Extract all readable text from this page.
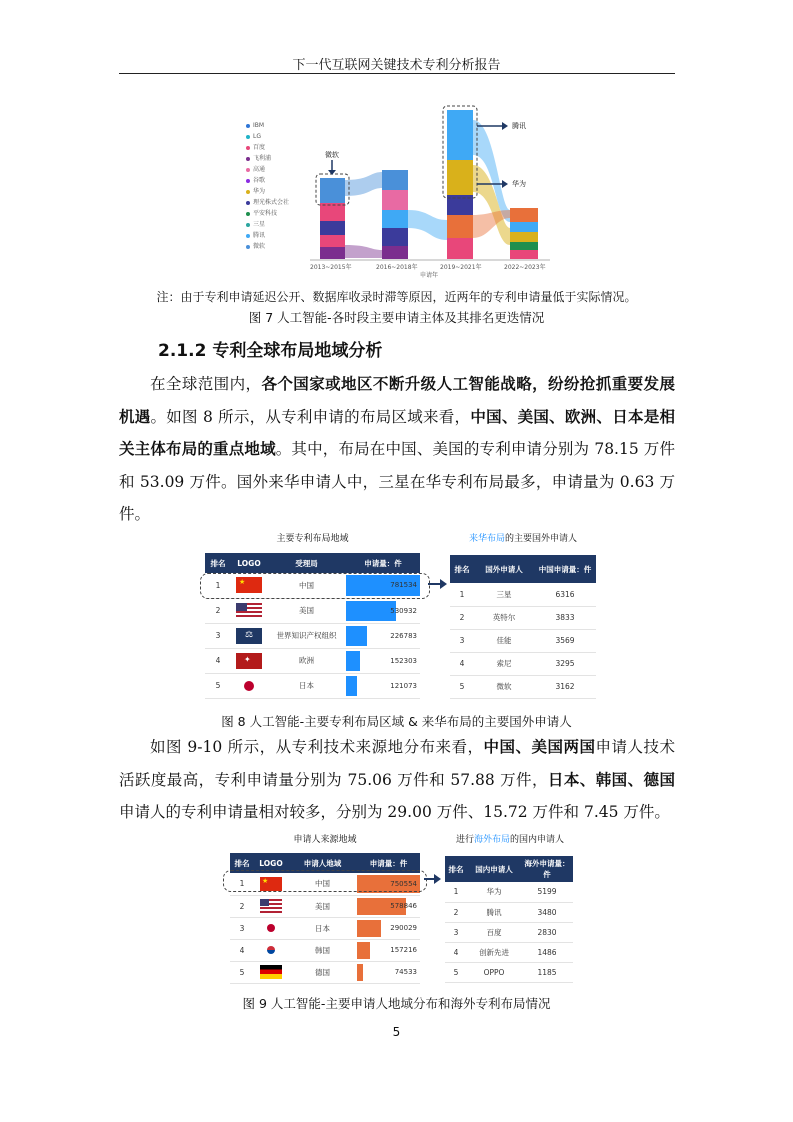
下一代互联网关键技术专利分析报告
IBM
LG
百度
飞利浦
高通
谷歌
华为
理光株式会社
平安科技
三星
腾讯
微软
微软
腾讯
华为
2013~2015年	2016~2018年	2019~2021年	2022~2023年
申请年
注：由于专利申请延迟公开、数据库收录时滞等原因，近两年的专利申请量低于实际情况。
图 7 人工智能-各时段主要申请主体及其排名更迭情况
2.1.2 专利全球布局地域分析

在全球范围内，各个国家或地区不断升级人工智能战略，纷纷抢抓重要发展机遇。如图 8 所示，从专利申请的布局区域来看，中国、美国、欧洲、日本是相关主体布局的重点地域。其中，布局在中国、美国的专利申请分别为 78.15 万件和 53.09 万件。国外来华申请人中，三星在华专利布局最多，申请量为 0.63 万件。

主要专利布局地域	来华布局的主要国外申请人
排名	LOGO	受理局	申请量：件
1	★	中国	781534

2		美国	530932

3	⚖	世界知识产权组织	226783

4	✦	欧洲	152303

5		日本	121073
排名	国外申请人	中国申请量：件
1	三星	6316
2	英特尔	3833
3	佳能	3569
4	索尼	3295
5	微软	3162
图 8 人工智能-主要专利布局区域 & 来华布局的主要国外申请人

如图 9-10 所示，从专利技术来源地分布来看，中国、美国两国申请人技术活跃度最高，专利申请量分别为 75.06 万件和 57.88 万件，日本、韩国、德国申请人的专利申请量相对较多，分别为 29.00 万件、15.72 万件和 7.45 万件。

申请人来源地域	进行海外布局的国内申请人
排名	LOGO	申请人地域	申请量：件
1	★	中国	750554

2		美国	578846

3		日本	290029

4		韩国	157216

5		德国	74533
排名	国内申请人	海外申请量：件
1	华为	5199
2	腾讯	3480
3	百度	2830
4	创新先进	1486
5	OPPO	1185
图 9 人工智能-主要申请人地域分布和海外专利布局情况
5
